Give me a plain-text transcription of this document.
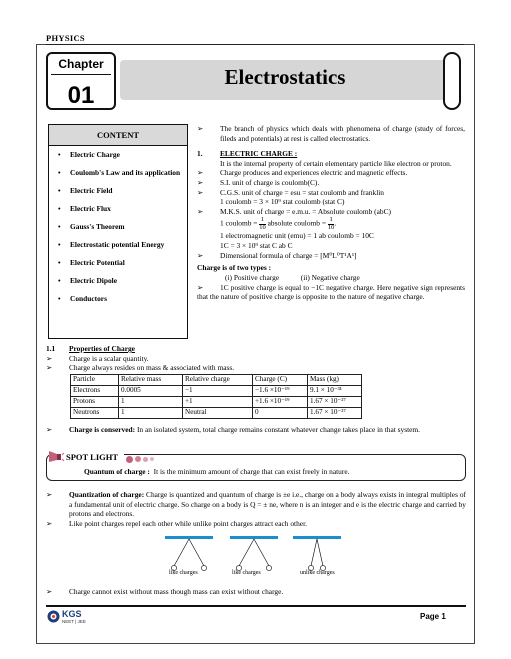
PHYSICS
Chapter
01
Electrostatics
CONTENT
• Electric Charge
• Coulomb's Law and its application
• Electric Field
• Electric Flux
• Gauss's Theorem
• Electrostatic potential Energy
• Electric Potential
• Electric Dipole
• Conductors
➢ The branch of physics which deals with phenomena of charge (study of forces, fileds and potentials) at rest is called electrostatics.
1. ELECTRIC CHARGE :
It is the internal property of certain elementary particle like electron or proton.
➢ Charge produces and experiences electric and magnetic effects.
➢ S.I. unit of charge is coulomb(C).
➢ C.G.S. unit of charge = esu = stat coulomb and franklin
1 coulomb = 3 × 10⁹ stat coulomb (stat C)
➢ M.K.S. unit of charge = e.m.u. = Absolute coulomb (abC)
1 coulomb = $\frac{1}{10}$ absolute coulomb = $\frac{1}{10}$ .
1 electromagnetic unit (emu) = 1 ab coulomb = 10C
1C = 3 × 10⁹ stat C ab C
➢ Dimensional formula of charge = [M⁰L⁰T¹A¹]
Charge is of two types :
(i) Positive charge	(ii) Negative charge
➢ 1C positive charge is equal to −1C negative charge. Here negative sign represents that the nature of positive charge is opposite to the nature of negative charge.
1.1 Properties of Charge
➢ Charge is a scalar quantity.
➢ Charge always resides on mass & associated with mass.
Particle	Relative mass	Relative charge	Charge (C)	Mass (kg)
Electrons	0.0005	−1	−1.6 ×10⁻¹⁹	9.1 × 10⁻³¹
Protons	1	+1	+1.6 ×10⁻¹⁹	1.67 × 10⁻²⁷
Neutrons	1	Neutral	0	1.67 × 10⁻²⁷
➢ Charge is conserved: In an isolated system, total charge remains constant whatever change takes place in that system.
SPOT LIGHT
Quantum of charge : It is the minimum amount of charge that can exist freely in nature.
➢ Quantization of charge: Charge is quantized and quantum of charge is ±e i.e., charge on a body always exists in integral multiples of a fundamental unit of electric charge. So charge on a body is Q = ± ne, where n is an integer and e is the electric charge and carried by protons and electrons.
➢ Like point charges repel each other while unlike point charges attract each other.
like charges	like charges	unlike charges
➢ Charge cannot exist without mass though mass can exist without charge.
KGS
NEET | JEE
Page 1
